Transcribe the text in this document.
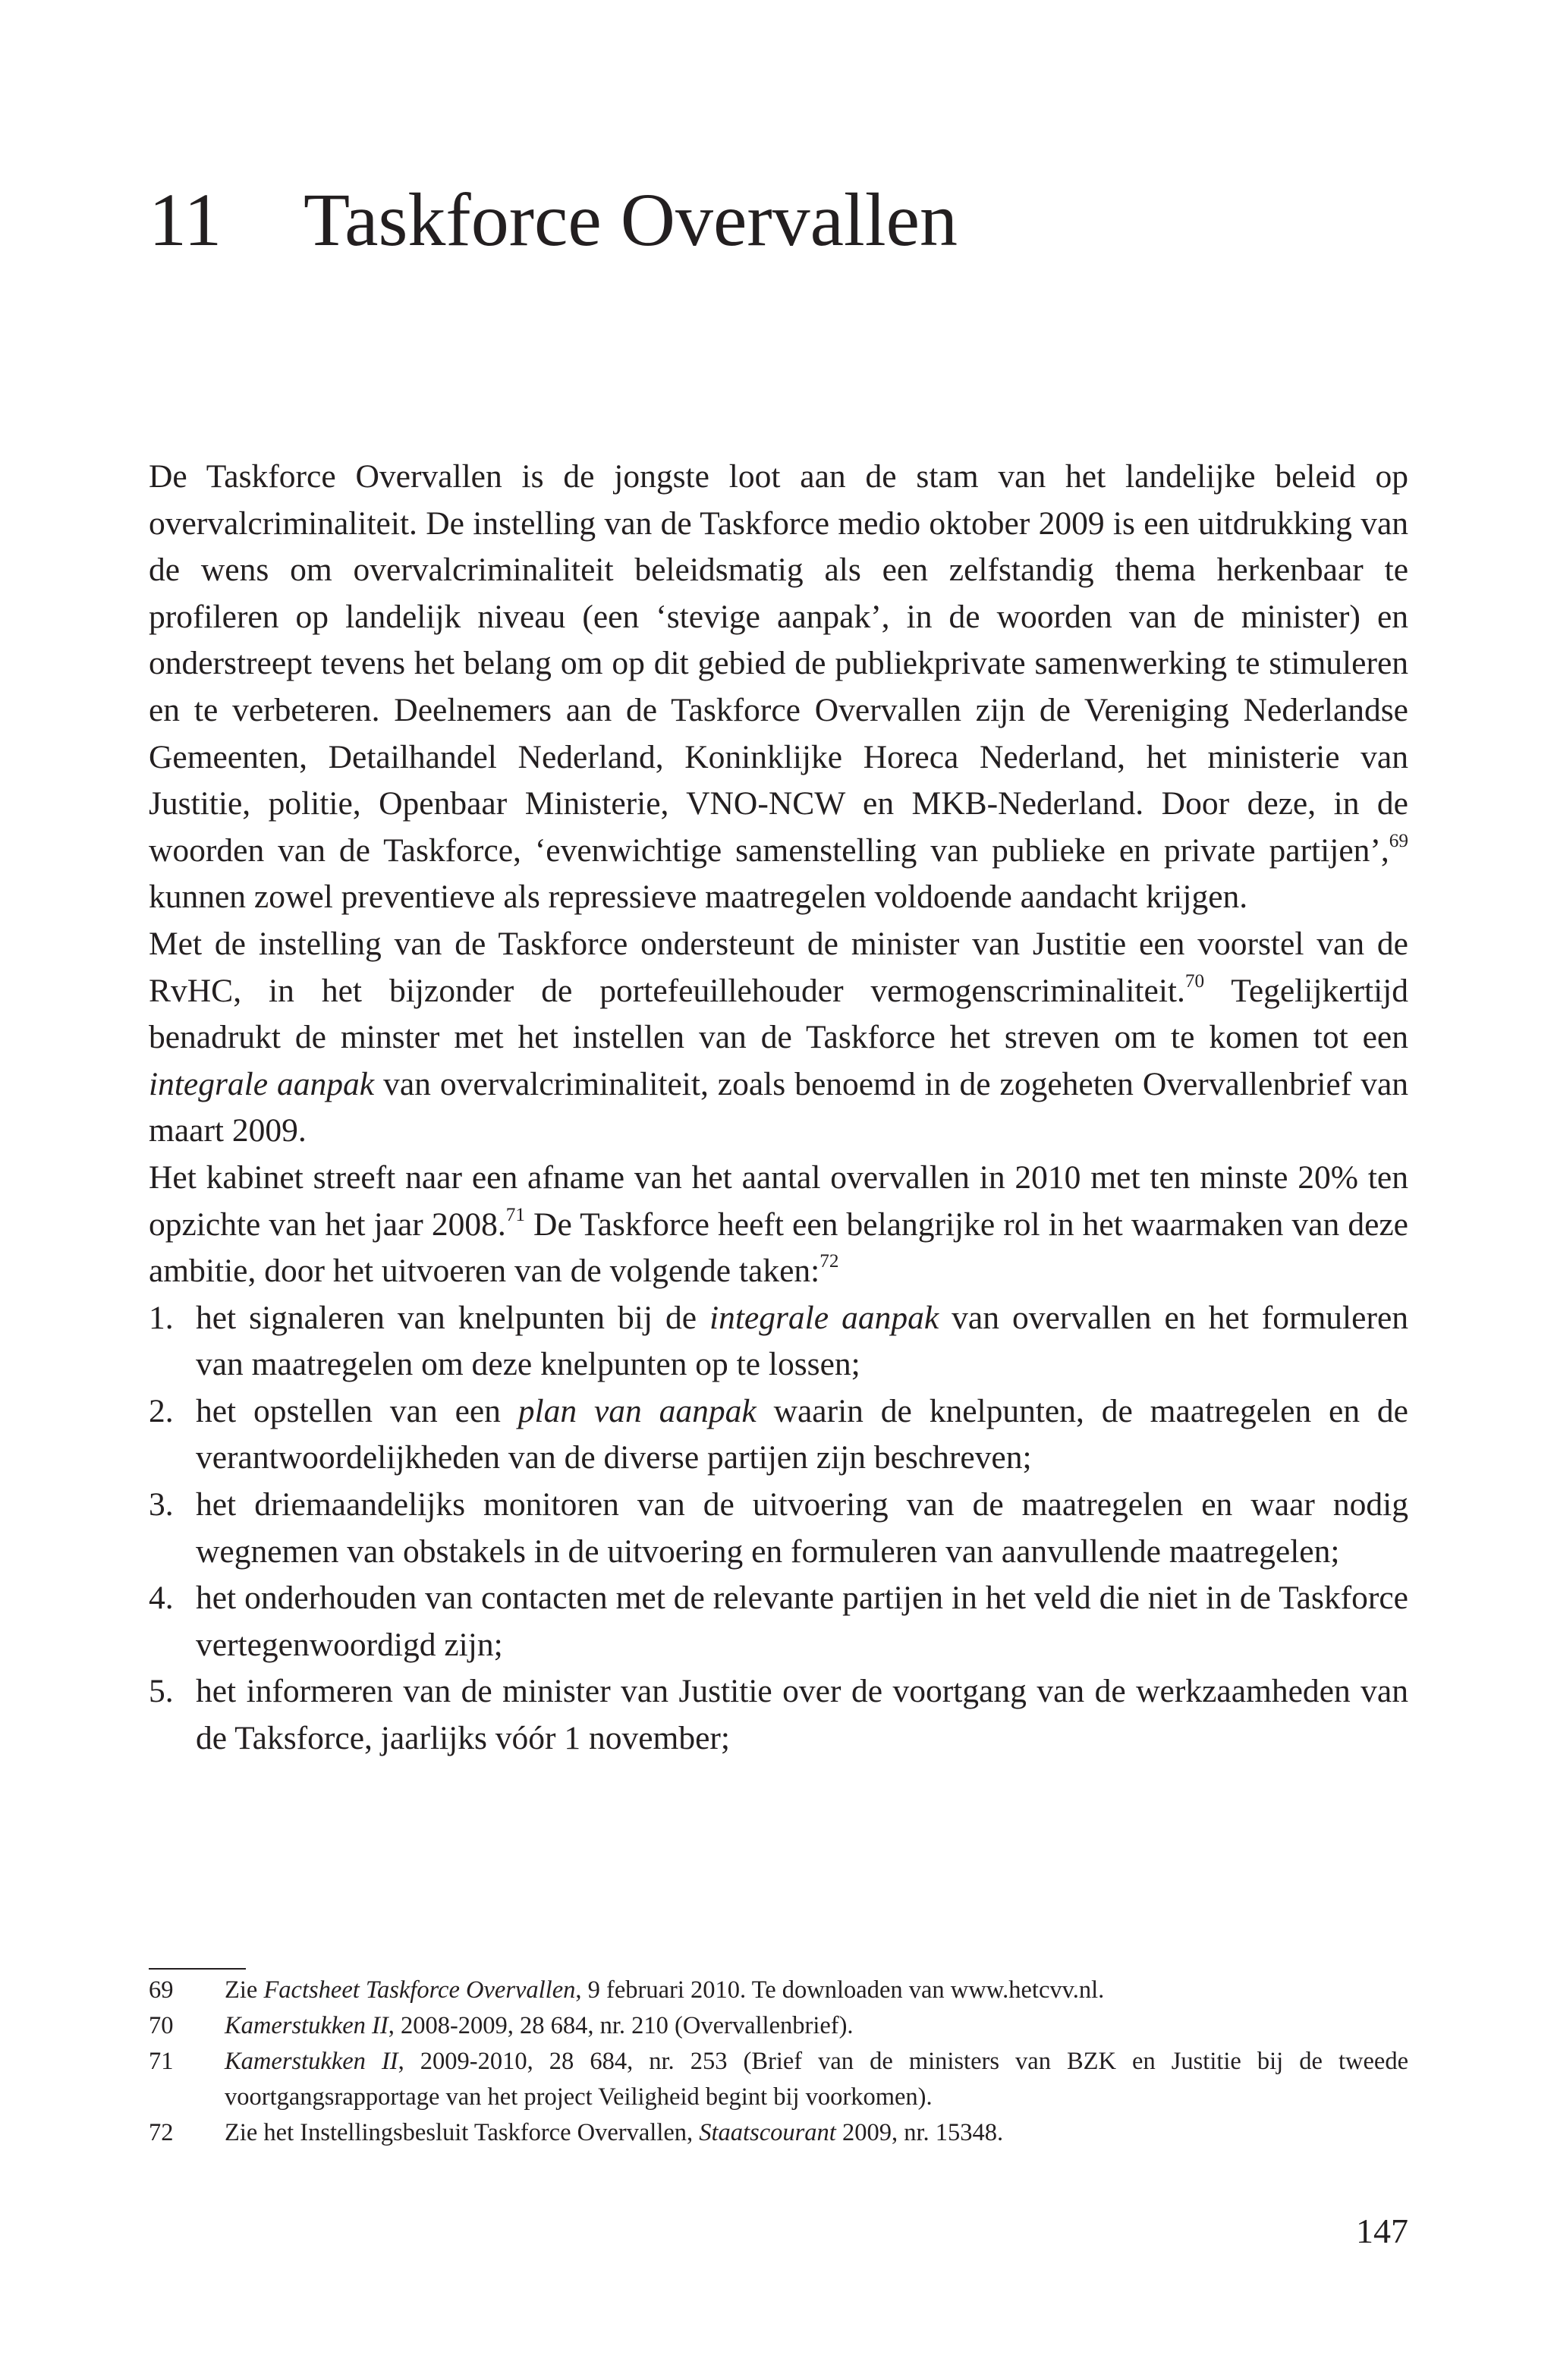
11 Taskforce Overvallen

De Taskforce Overvallen is de jongste loot aan de stam van het landelijke beleid op overvalcriminaliteit. De instelling van de Taskforce medio oktober 2009 is een uitdrukking van de wens om overvalcriminaliteit beleidsmatig als een zelfstandig thema herkenbaar te profileren op landelijk niveau (een ‘stevige aanpak’, in de woorden van de minister) en onderstreept tevens het belang om op dit gebied de publiekprivate samenwerking te stimuleren en te verbeteren. Deelnemers aan de Taskforce Overvallen zijn de Vereniging Nederlandse Gemeenten, Detailhandel Nederland, Koninklijke Horeca Nederland, het ministerie van Justitie, politie, Openbaar Ministerie, VNO-NCW en MKB-Nederland. Door deze, in de woorden van de Taskforce, ‘evenwichtige samenstelling van publieke en private partijen’,$^{69}$ kunnen zowel preventieve als repressieve maatregelen voldoende aandacht krijgen.

Met de instelling van de Taskforce ondersteunt de minister van Justitie een voorstel van de RvHC, in het bijzonder de portefeuillehouder vermogenscriminaliteit.$^{70}$ Tegelijkertijd benadrukt de minster met het instellen van de Taskforce het streven om te komen tot een integrale aanpak van overvalcriminaliteit, zoals benoemd in de zogeheten Overvallenbrief van maart 2009.

Het kabinet streeft naar een afname van het aantal overvallen in 2010 met ten minste 20% ten opzichte van het jaar 2008.71 De Taskforce heeft een belangrijke rol in het waarmaken van deze ambitie, door het uitvoeren van de volgende taken:$^{72}$

1. het signaleren van knelpunten bij de integrale aanpak van overvallen en het formuleren van maatregelen om deze knelpunten op te lossen;
2. het opstellen van een plan van aanpak waarin de knelpunten, de maatregelen en de verantwoordelijkheden van de diverse partijen zijn beschreven;
3. het driemaandelijks monitoren van de uitvoering van de maatregelen en waar nodig wegnemen van obstakels in de uitvoering en formuleren van aanvullende maatregelen;
4. het onderhouden van contacten met de relevante partijen in het veld die niet in de Taskforce vertegenwoordigd zijn;
5. het informeren van de minister van Justitie over de voortgang van de werkzaamheden van de Taksforce, jaarlijks vóór 1 november;
69 Zie Factsheet Taskforce Overvallen, 9 februari 2010. Te downloaden van www.hetcvv.nl.
70 Kamerstukken II, 2008-2009, 28 684, nr. 210 (Overvallenbrief).
71 Kamerstukken II, 2009-2010, 28 684, nr. 253 (Brief van de ministers van BZK en Justitie bij de tweede voortgangsrapportage van het project Veiligheid begint bij voorkomen).
72 Zie het Instellingsbesluit Taskforce Overvallen, Staatscourant 2009, nr. 15348.
147
